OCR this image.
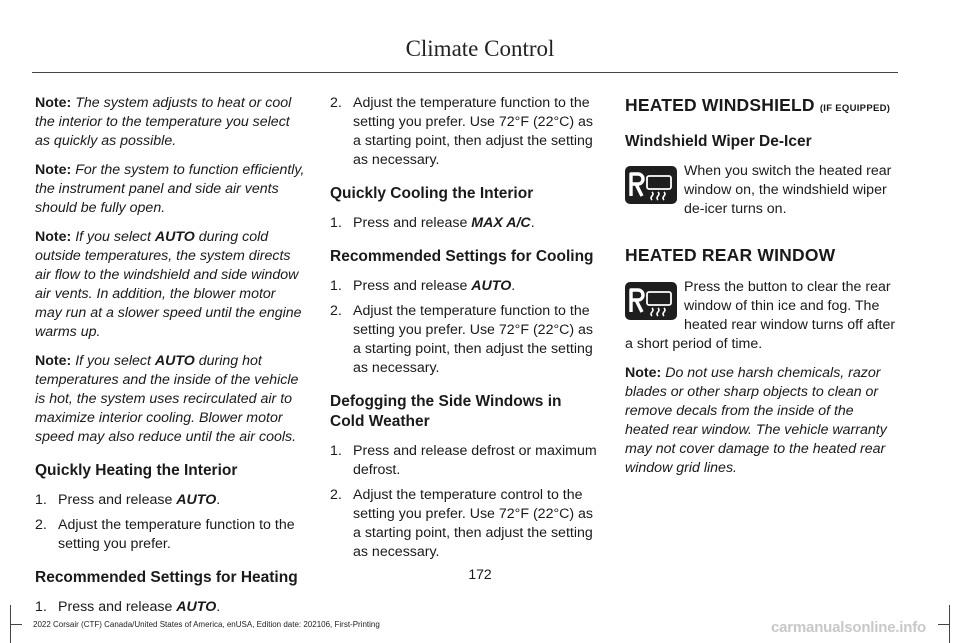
Climate Control

Note: The system adjusts to heat or cool the interior to the temperature you select as quickly as possible.

Note: For the system to function efficiently, the instrument panel and side air vents should be fully open.

Note: If you select AUTO during cold outside temperatures, the system directs air flow to the windshield and side window air vents. In addition, the blower motor may run at a slower speed until the engine warms up.

Note: If you select AUTO during hot temperatures and the inside of the vehicle is hot, the system uses recirculated air to maximize interior cooling. Blower motor speed may also reduce until the air cools.

Quickly Heating the Interior
1. Press and release AUTO.
2. Adjust the temperature function to the setting you prefer.
Recommended Settings for Heating
1. Press and release AUTO.
2. Adjust the temperature function to the setting you prefer. Use 72°F (22°C) as a starting point, then adjust the setting as necessary.
Quickly Cooling the Interior
1. Press and release MAX A/C.
Recommended Settings for Cooling
1. Press and release AUTO.
2. Adjust the temperature function to the setting you prefer. Use 72°F (22°C) as a starting point, then adjust the setting as necessary.
Defogging the Side Windows in Cold Weather
1. Press and release defrost or maximum defrost.
2. Adjust the temperature control to the setting you prefer. Use 72°F (22°C) as a starting point, then adjust the setting as necessary.
HEATED WINDSHIELD (IF EQUIPPED)
Windshield Wiper De-Icer
When you switch the heated rear window on, the windshield wiper de-icer turns on.
HEATED REAR WINDOW

Press the button to clear the rear window of thin ice and fog. The heated rear window turns off after a short period of time.

Note: Do not use harsh chemicals, razor blades or other sharp objects to clean or remove decals from the inside of the heated rear window. The vehicle warranty may not cover damage to the heated rear window grid lines.

172
2022 Corsair (CTF) Canada/United States of America, enUSA, Edition date: 202106, First-Printing	carmanualsonline.info
